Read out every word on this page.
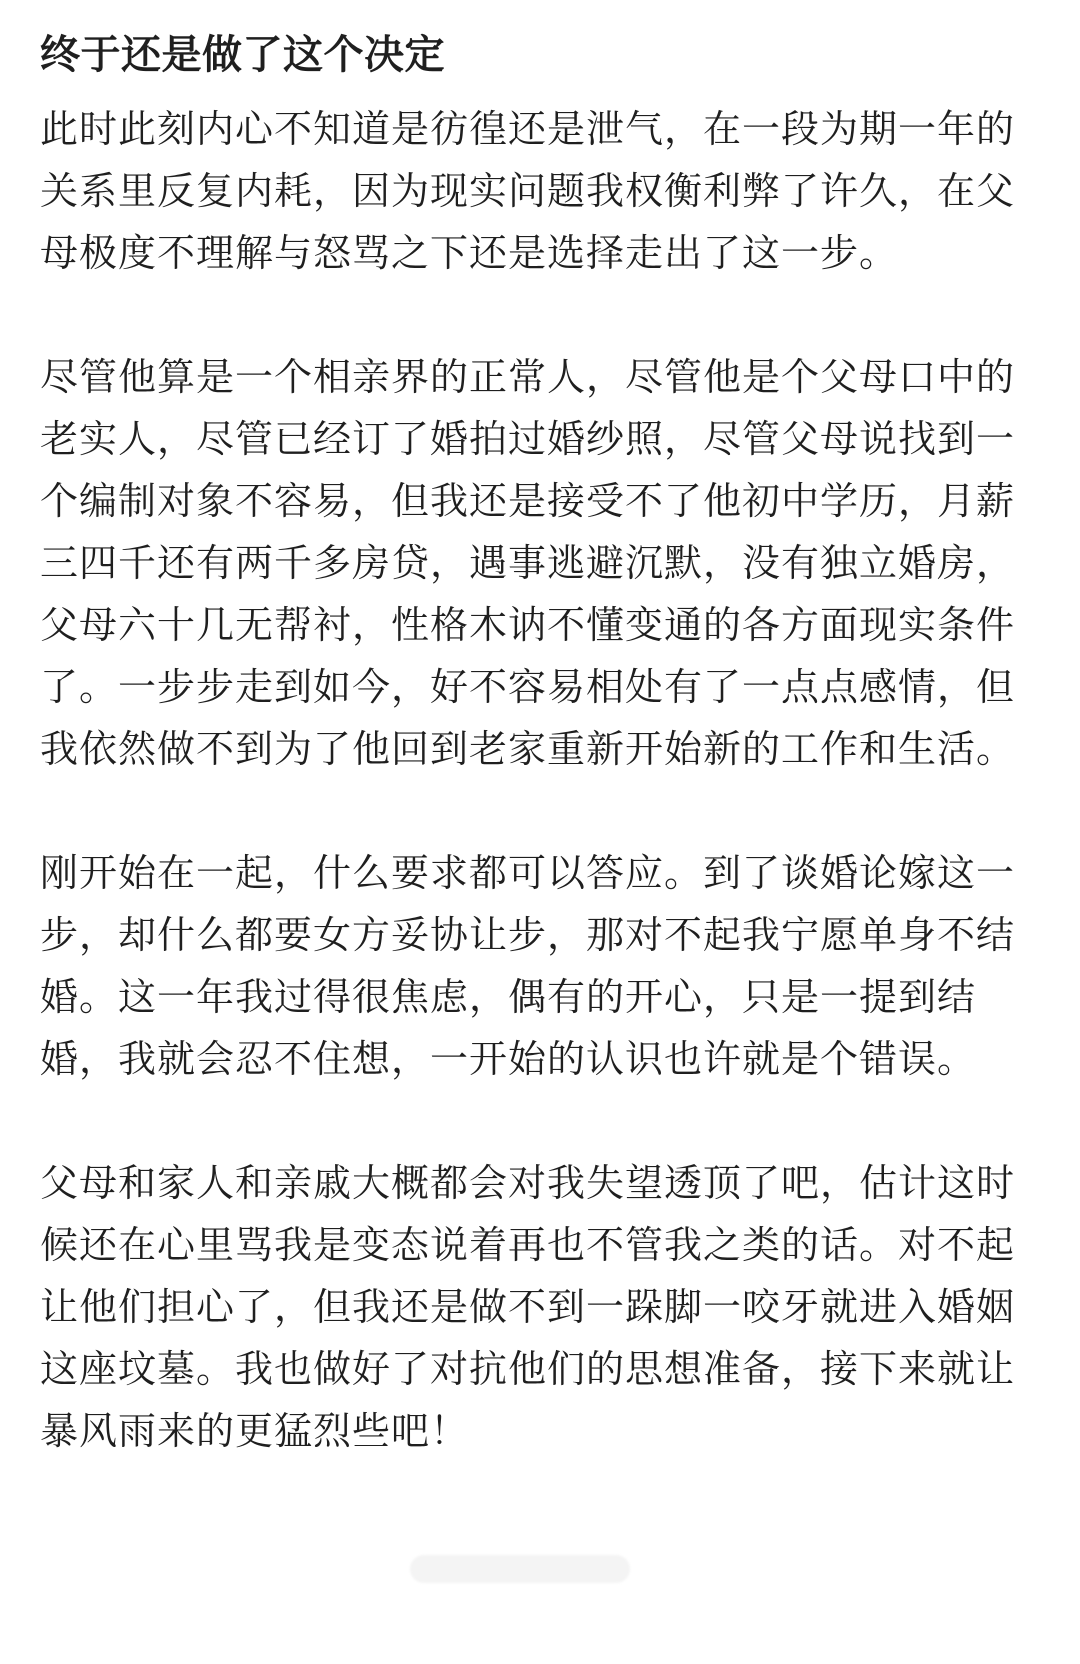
终于还是做了这个决定
此时此刻内心不知道是彷徨还是泄气，在一段为期一年的关系里反复内耗，因为现实问题我权衡利弊了许久，在父母极度不理解与怒骂之下还是选择走出了这一步。
尽管他算是一个相亲界的正常人，尽管他是个父母口中的老实人，尽管已经订了婚拍过婚纱照，尽管父母说找到一个编制对象不容易，但我还是接受不了他初中学历，月薪三四千还有两千多房贷，遇事逃避沉默，没有独立婚房，父母六十几无帮衬，性格木讷不懂变通的各方面现实条件了。一步步走到如今，好不容易相处有了一点点感情，但我依然做不到为了他回到老家重新开始新的工作和生活。
刚开始在一起，什么要求都可以答应。到了谈婚论嫁这一步，却什么都要女方妥协让步，那对不起我宁愿单身不结婚。这一年我过得很焦虑，偶有的开心，只是一提到结婚，我就会忍不住想，一开始的认识也许就是个错误。
父母和家人和亲戚大概都会对我失望透顶了吧，估计这时候还在心里骂我是变态说着再也不管我之类的话。对不起让他们担心了，但我还是做不到一跺脚一咬牙就进入婚姻这座坟墓。我也做好了对抗他们的思想准备，接下来就让暴风雨来的更猛烈些吧！
